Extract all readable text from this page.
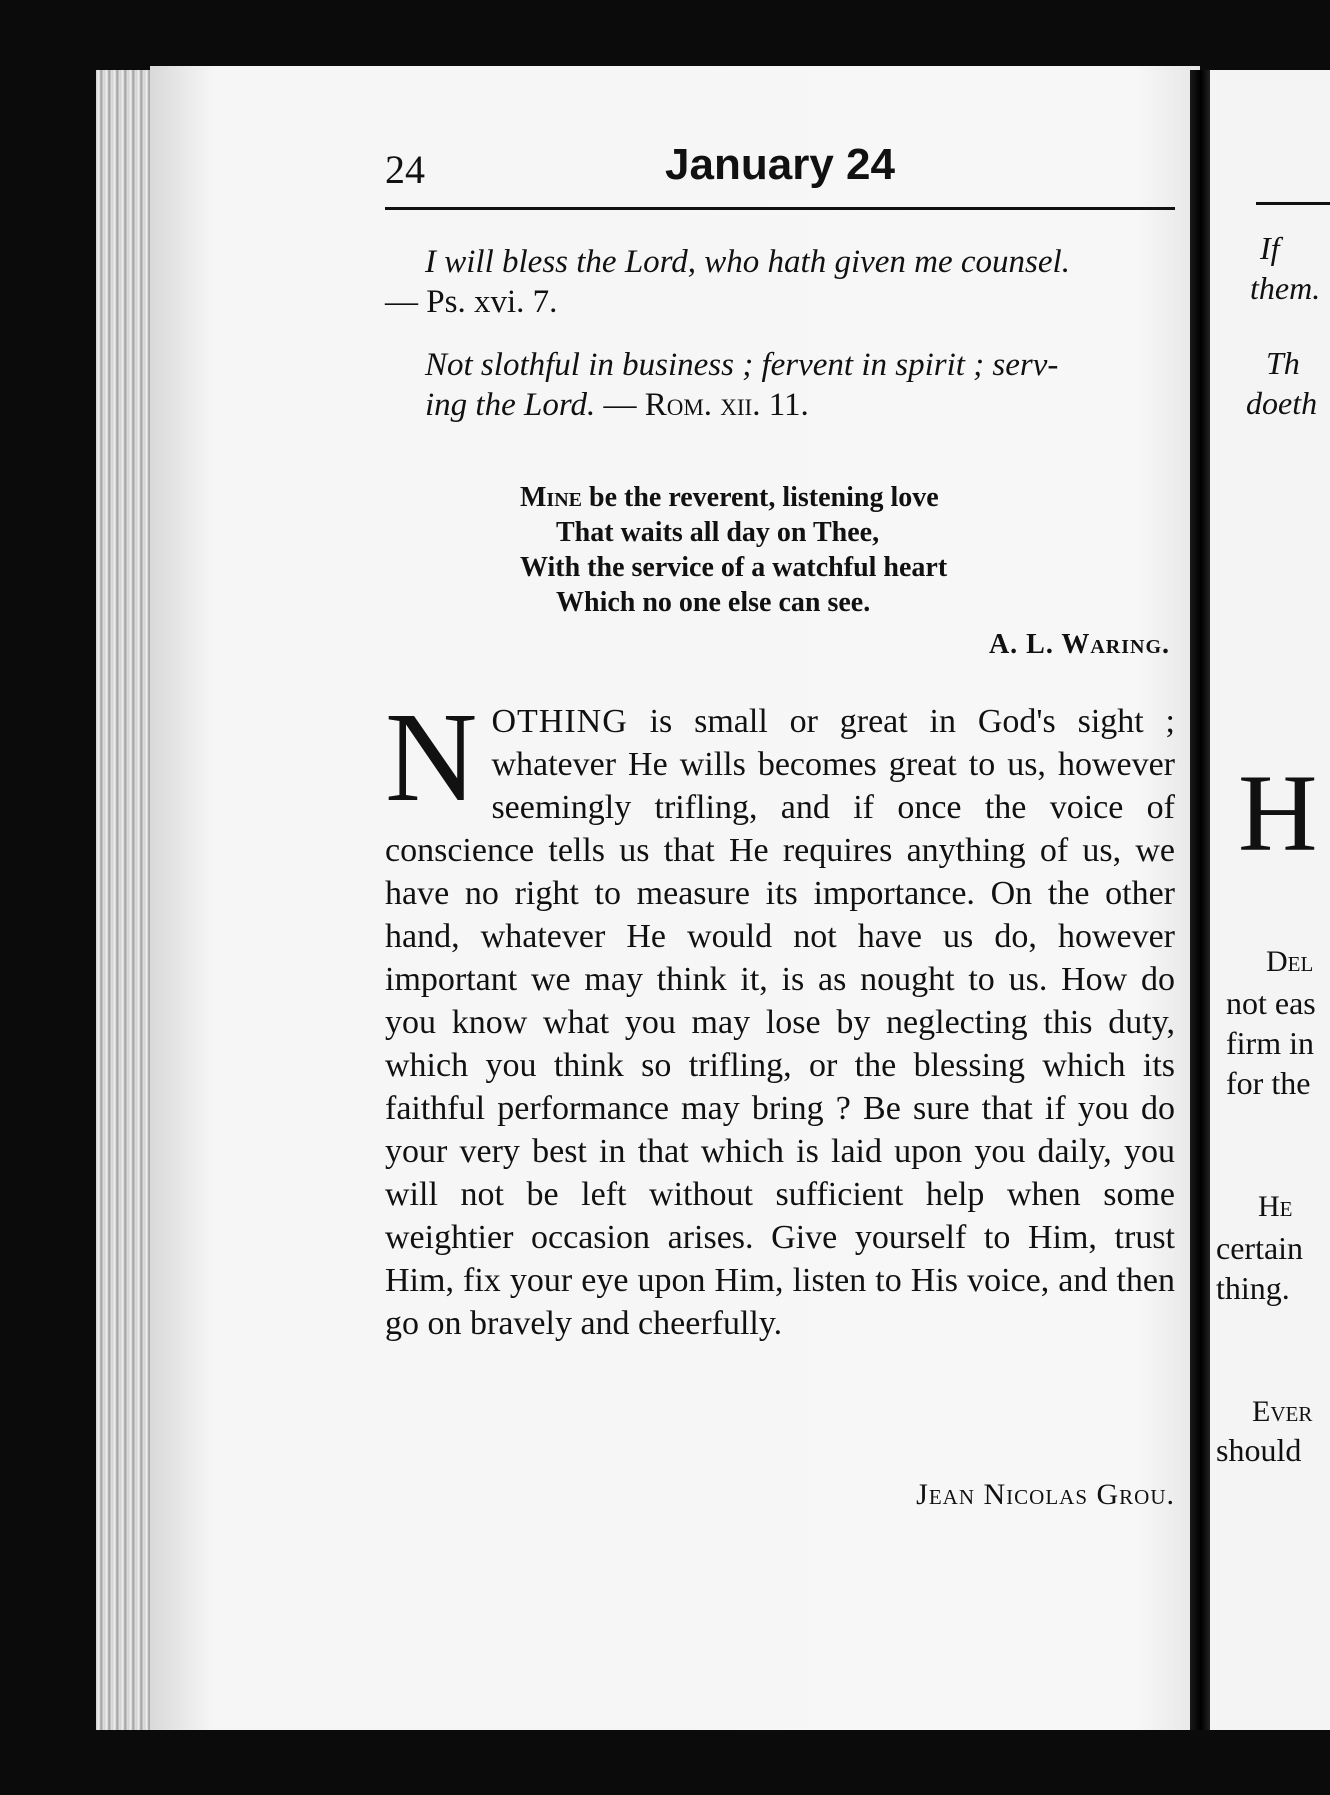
24	January 24
I will bless the Lord, who hath given me counsel.
— Ps. xvi. 7.
Not slothful in business ; fervent in spirit ; serv-
ing the Lord. — Rom. xii. 11.
Mine be the reverent, listening love
That waits all day on Thee,
With the service of a watchful heart
Which no one else can see.
A. L. Waring.
NOTHING is small or great in God's sight ; whatever He wills becomes great to us, however seemingly trifling, and if once the voice of conscience tells us that He requires anything of us, we have no right to measure its importance. On the other hand, whatever He would not have us do, however important we may think it, is as nought to us. How do you know what you may lose by neglecting this duty, which you think so trifling, or the blessing which its faithful performance may bring ? Be sure that if you do your very best in that which is laid upon you daily, you will not be left without sufficient help when some weightier occasion arises. Give yourself to Him, trust Him, fix your eye upon Him, listen to His voice, and then go on bravely and cheerfully.
Jean Nicolas Grou.
If
them.
Th
doeth
H
Del
not eas
firm in
for the
He
certain
thing.
Ever
should
